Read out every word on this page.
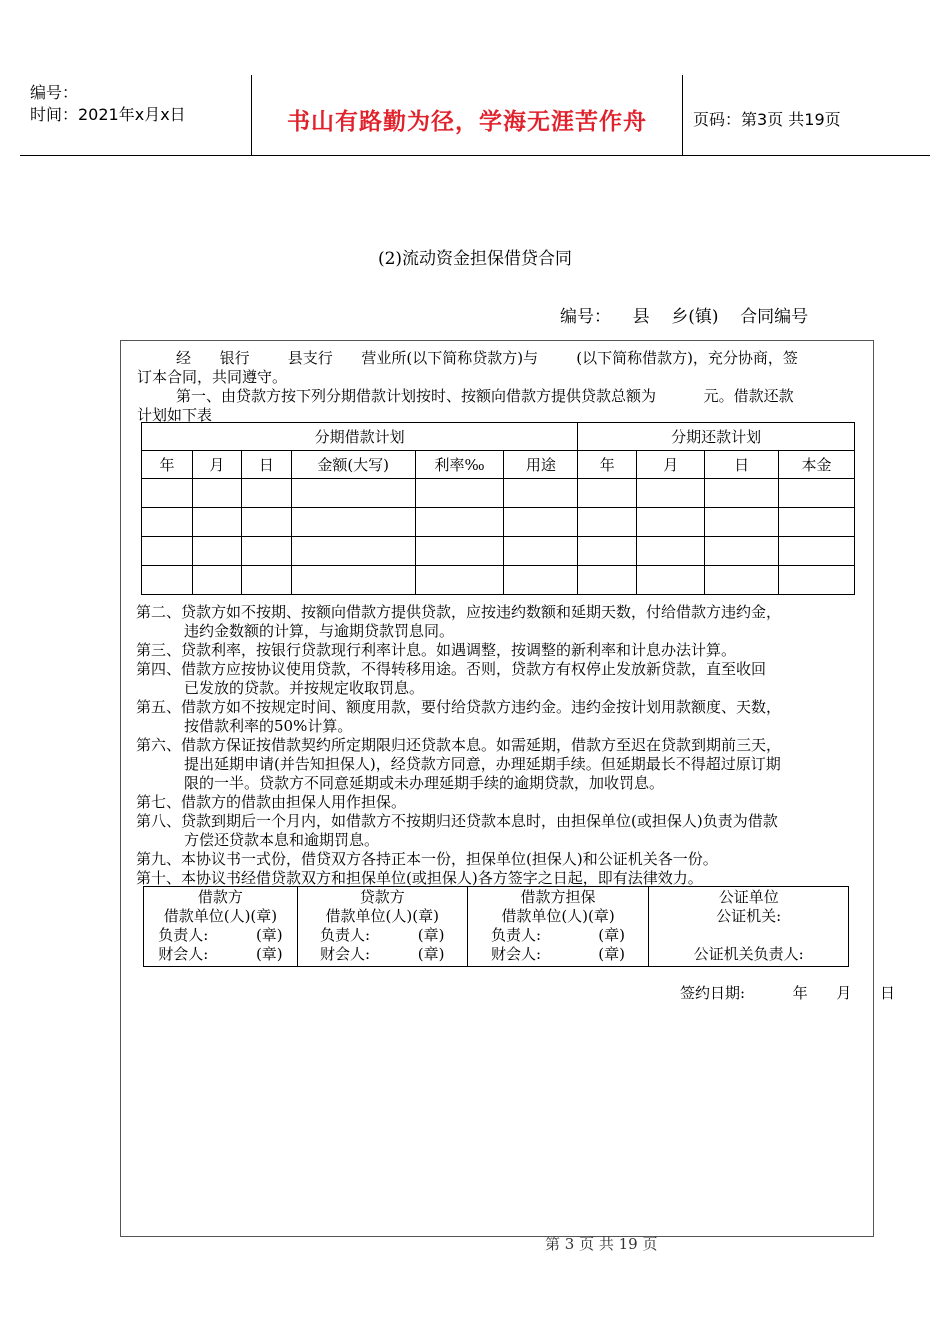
编号：
时间：2021年x月x日	书山有路勤为径，学海无涯苦作舟	页码：第3页 共19页
(2)流动资金担保借贷合同
编号： 县 乡(镇) 合同编号
经      银行        县支行      营业所(以下简称贷款方)与        (以下简称借款方)，充分协商，签
订本合同，共同遵守。
第一、由贷款方按下列分期借款计划按时、按额向借款方提供贷款总额为          元。借款还款
计划如下表
分期借款计划						分期还款计划			
年	月	日	金额(大写)	利率‰	用途	年	月	日	本金

第二、贷款方如不按期、按额向借款方提供贷款，应按违约数额和延期天数，付给借款方违约金，
违约金数额的计算，与逾期贷款罚息同。
第三、贷款利率，按银行贷款现行利率计息。如遇调整，按调整的新利率和计息办法计算。
第四、借款方应按协议使用贷款，不得转移用途。否则，贷款方有权停止发放新贷款，直至收回
已发放的贷款。并按规定收取罚息。
第五、借款方如不按规定时间、额度用款，要付给贷款方违约金。违约金按计划用款额度、天数，
按借款利率的50%计算。
第六、借款方保证按借款契约所定期限归还贷款本息。如需延期，借款方至迟在贷款到期前三天，
提出延期申请(并告知担保人)，经贷款方同意，办理延期手续。但延期最长不得超过原订期
限的一半。贷款方不同意延期或未办理延期手续的逾期贷款，加收罚息。
第七、借款方的借款由担保人用作担保。
第八、贷款到期后一个月内，如借款方不按期归还贷款本息时，由担保单位(或担保人)负责为借款
方偿还贷款本息和逾期罚息。
第九、本协议书一式份，借贷双方各持正本一份，担保单位(担保人)和公证机关各一份。
第十、本协议书经借贷款双方和担保单位(或担保人)各方签字之日起，即有法律效力。
借款方
借款单位(人)(章)
负责人:          (章)
财会人:          (章)

贷款方
借款单位(人)(章)
负责人:          (章)
财会人:          (章)

借款方担保
借款单位(人)(章)
负责人:            (章)
财会人:            (章)

公证单位
公证机关:
公证机关负责人:
签约日期:          年      月      日
第 3 页 共 19 页
